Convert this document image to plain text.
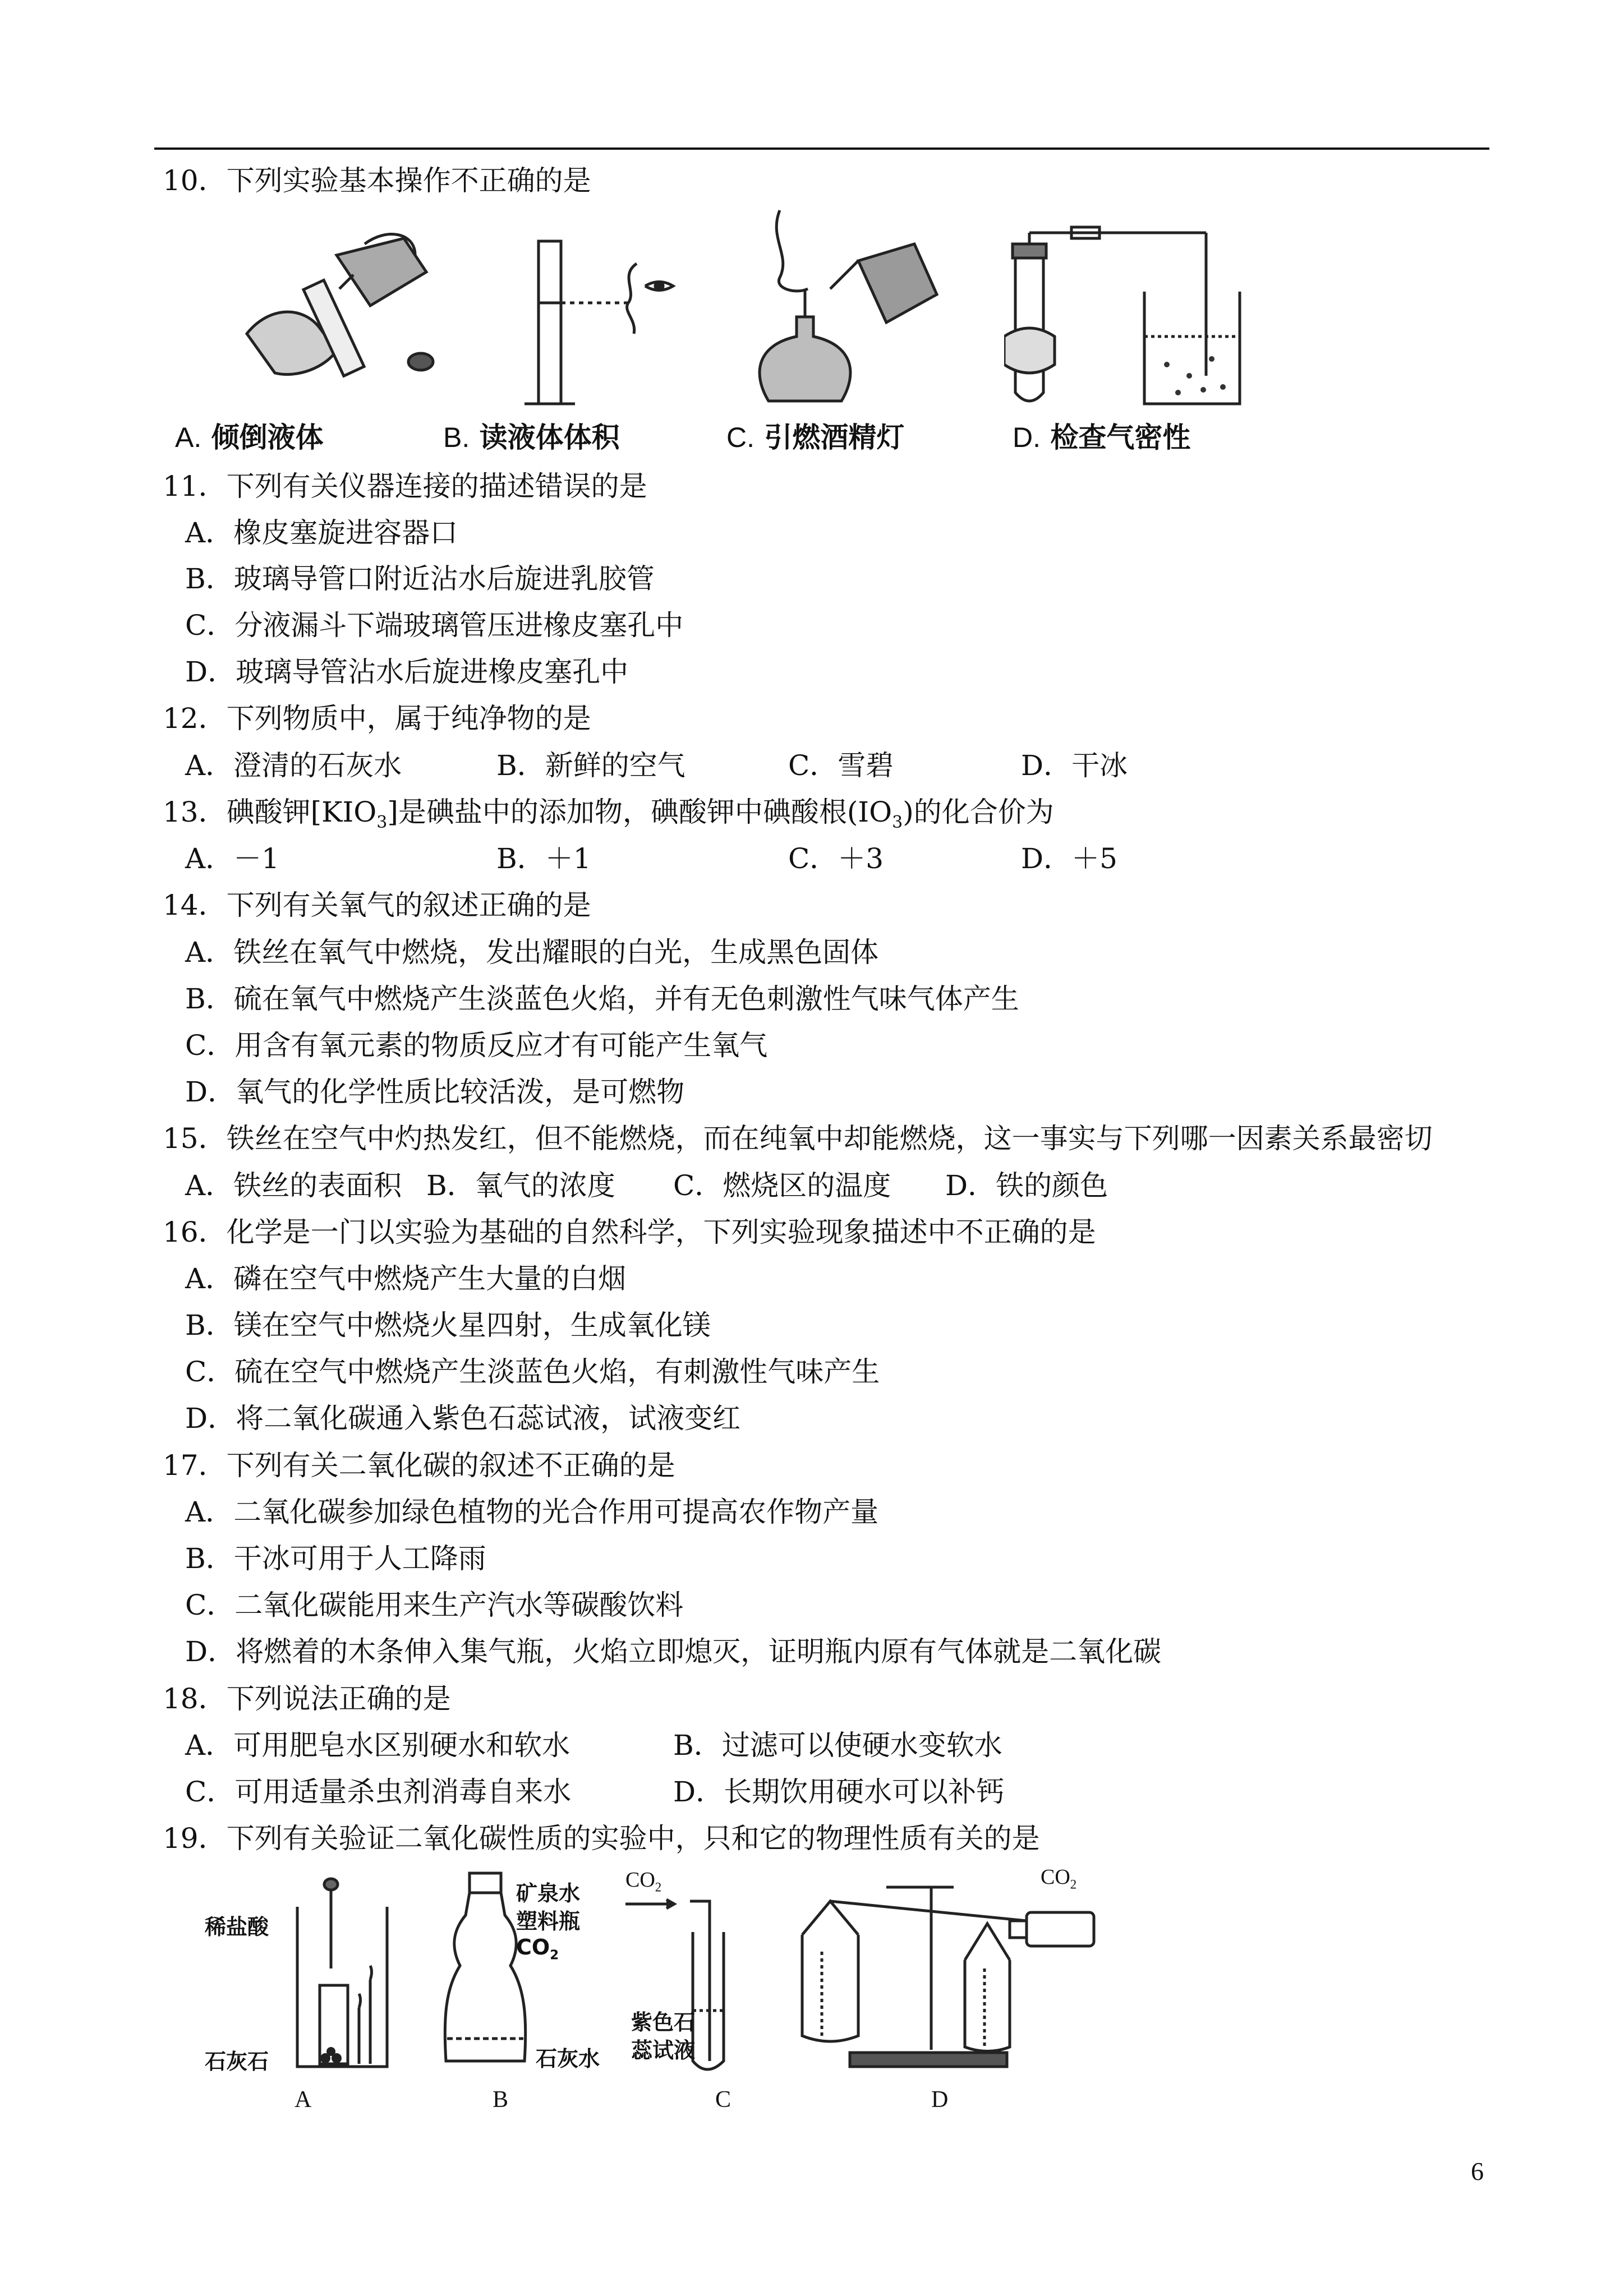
10．下列实验基本操作不正确的是
A. 倾倒液体	B. 读液体体积	C. 引燃酒精灯	D. 检查气密性
11．下列有关仪器连接的描述错误的是
A．橡皮塞旋进容器口
B．玻璃导管口附近沾水后旋进乳胶管
C．分液漏斗下端玻璃管压进橡皮塞孔中
D．玻璃导管沾水后旋进橡皮塞孔中
12．下列物质中，属于纯净物的是
A．澄清的石灰水	B．新鲜的空气	C．雪碧	D．干冰
13．碘酸钾$[KIO_3]$是碘盐中的添加物，碘酸钾中碘酸根$(IO_3)$的化合价为
A．－1	B．＋1	C．＋3	D．＋5
14．下列有关氧气的叙述正确的是
A．铁丝在氧气中燃烧，发出耀眼的白光，生成黑色固体
B．硫在氧气中燃烧产生淡蓝色火焰，并有无色刺激性气味气体产生
C．用含有氧元素的物质反应才有可能产生氧气
D．氧气的化学性质比较活泼，是可燃物
15．铁丝在空气中灼热发红，但不能燃烧，而在纯氧中却能燃烧，这一事实与下列哪一因素关系最密切
A．铁丝的表面积 B．氧气的浓度 C．燃烧区的温度 D．铁的颜色
16．化学是一门以实验为基础的自然科学，下列实验现象描述中不正确的是
A．磷在空气中燃烧产生大量的白烟
B．镁在空气中燃烧火星四射，生成氧化镁
C．硫在空气中燃烧产生淡蓝色火焰，有刺激性气味产生
D．将二氧化碳通入紫色石蕊试液，试液变红
17．下列有关二氧化碳的叙述不正确的是
A．二氧化碳参加绿色植物的光合作用可提高农作物产量
B．干冰可用于人工降雨
C．二氧化碳能用来生产汽水等碳酸饮料
D．将燃着的木条伸入集气瓶，火焰立即熄灭，证明瓶内原有气体就是二氧化碳
18．下列说法正确的是
A．可用肥皂水区别硬水和软水	B．过滤可以使硬水变软水
C．可用适量杀虫剂消毒自来水	D．长期饮用硬水可以补钙
19．下列有关验证二氧化碳性质的实验中，只和它的物理性质有关的是
稀盐酸
石灰石
矿泉水
塑料瓶
$CO_2$
石灰水
$CO_2$
紫色石
蕊试液
$CO_2$
A	B	C	D
6
